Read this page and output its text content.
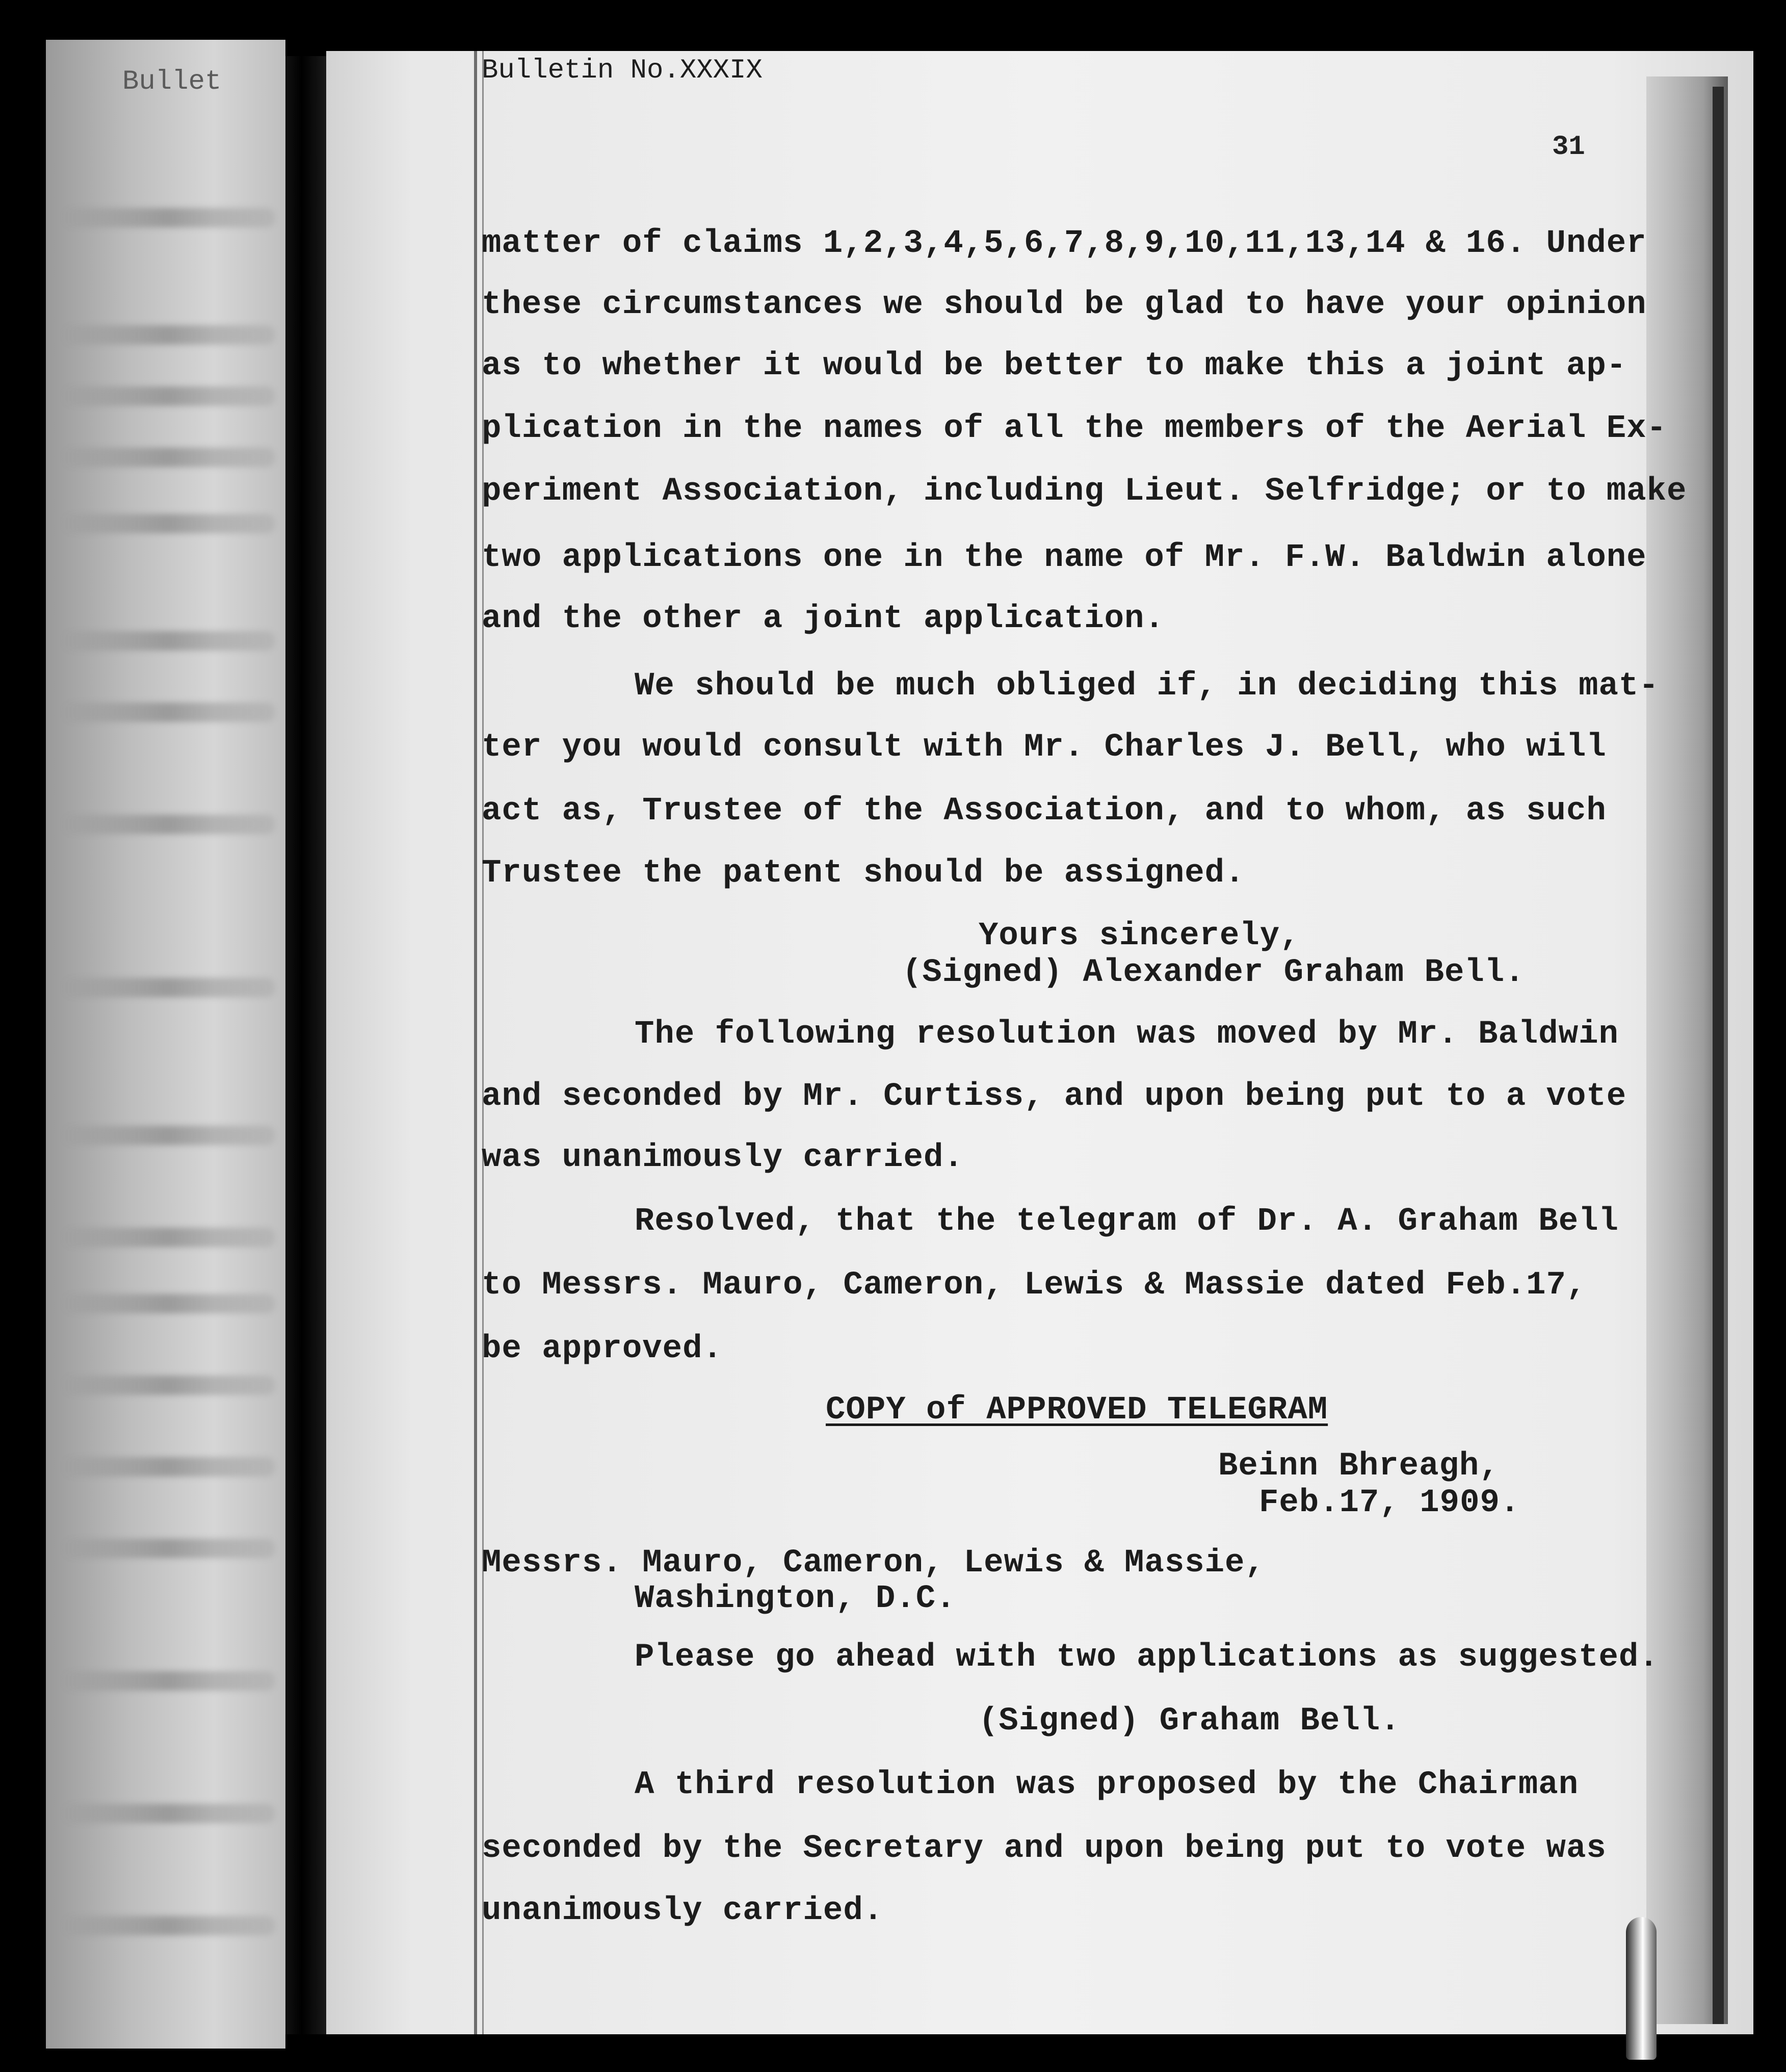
Bullet	Bulletin No.XXXIX
31
matter of claims 1,2,3,4,5,6,7,8,9,10,11,13,14 & 16. Under
these circumstances we should be glad to have your opinion
as to whether it would be better to make this a joint ap-
plication in the names of all the members of the Aerial Ex-
periment Association, including Lieut. Selfridge; or to make
two applications one in the name of Mr. F.W. Baldwin alone
and the other a joint application.
We should be much obliged if, in deciding this mat-
ter you would consult with Mr. Charles J. Bell, who will
act as, Trustee of the Association, and to whom, as such
Trustee the patent should be assigned.
Yours sincerely,
(Signed) Alexander Graham Bell.
The following resolution was moved by Mr. Baldwin
and seconded by Mr. Curtiss, and upon being put to a vote
was unanimously carried.
Resolved, that the telegram of Dr. A. Graham Bell
to Messrs. Mauro, Cameron, Lewis & Massie dated Feb.17,
be approved.
COPY of APPROVED TELEGRAM
Beinn Bhreagh,
Feb.17, 1909.
Messrs. Mauro, Cameron, Lewis & Massie,
Washington, D.C.
Please go ahead with two applications as suggested.
(Signed) Graham Bell.
A third resolution was proposed by the Chairman
seconded by the Secretary and upon being put to vote was
unanimously carried.
